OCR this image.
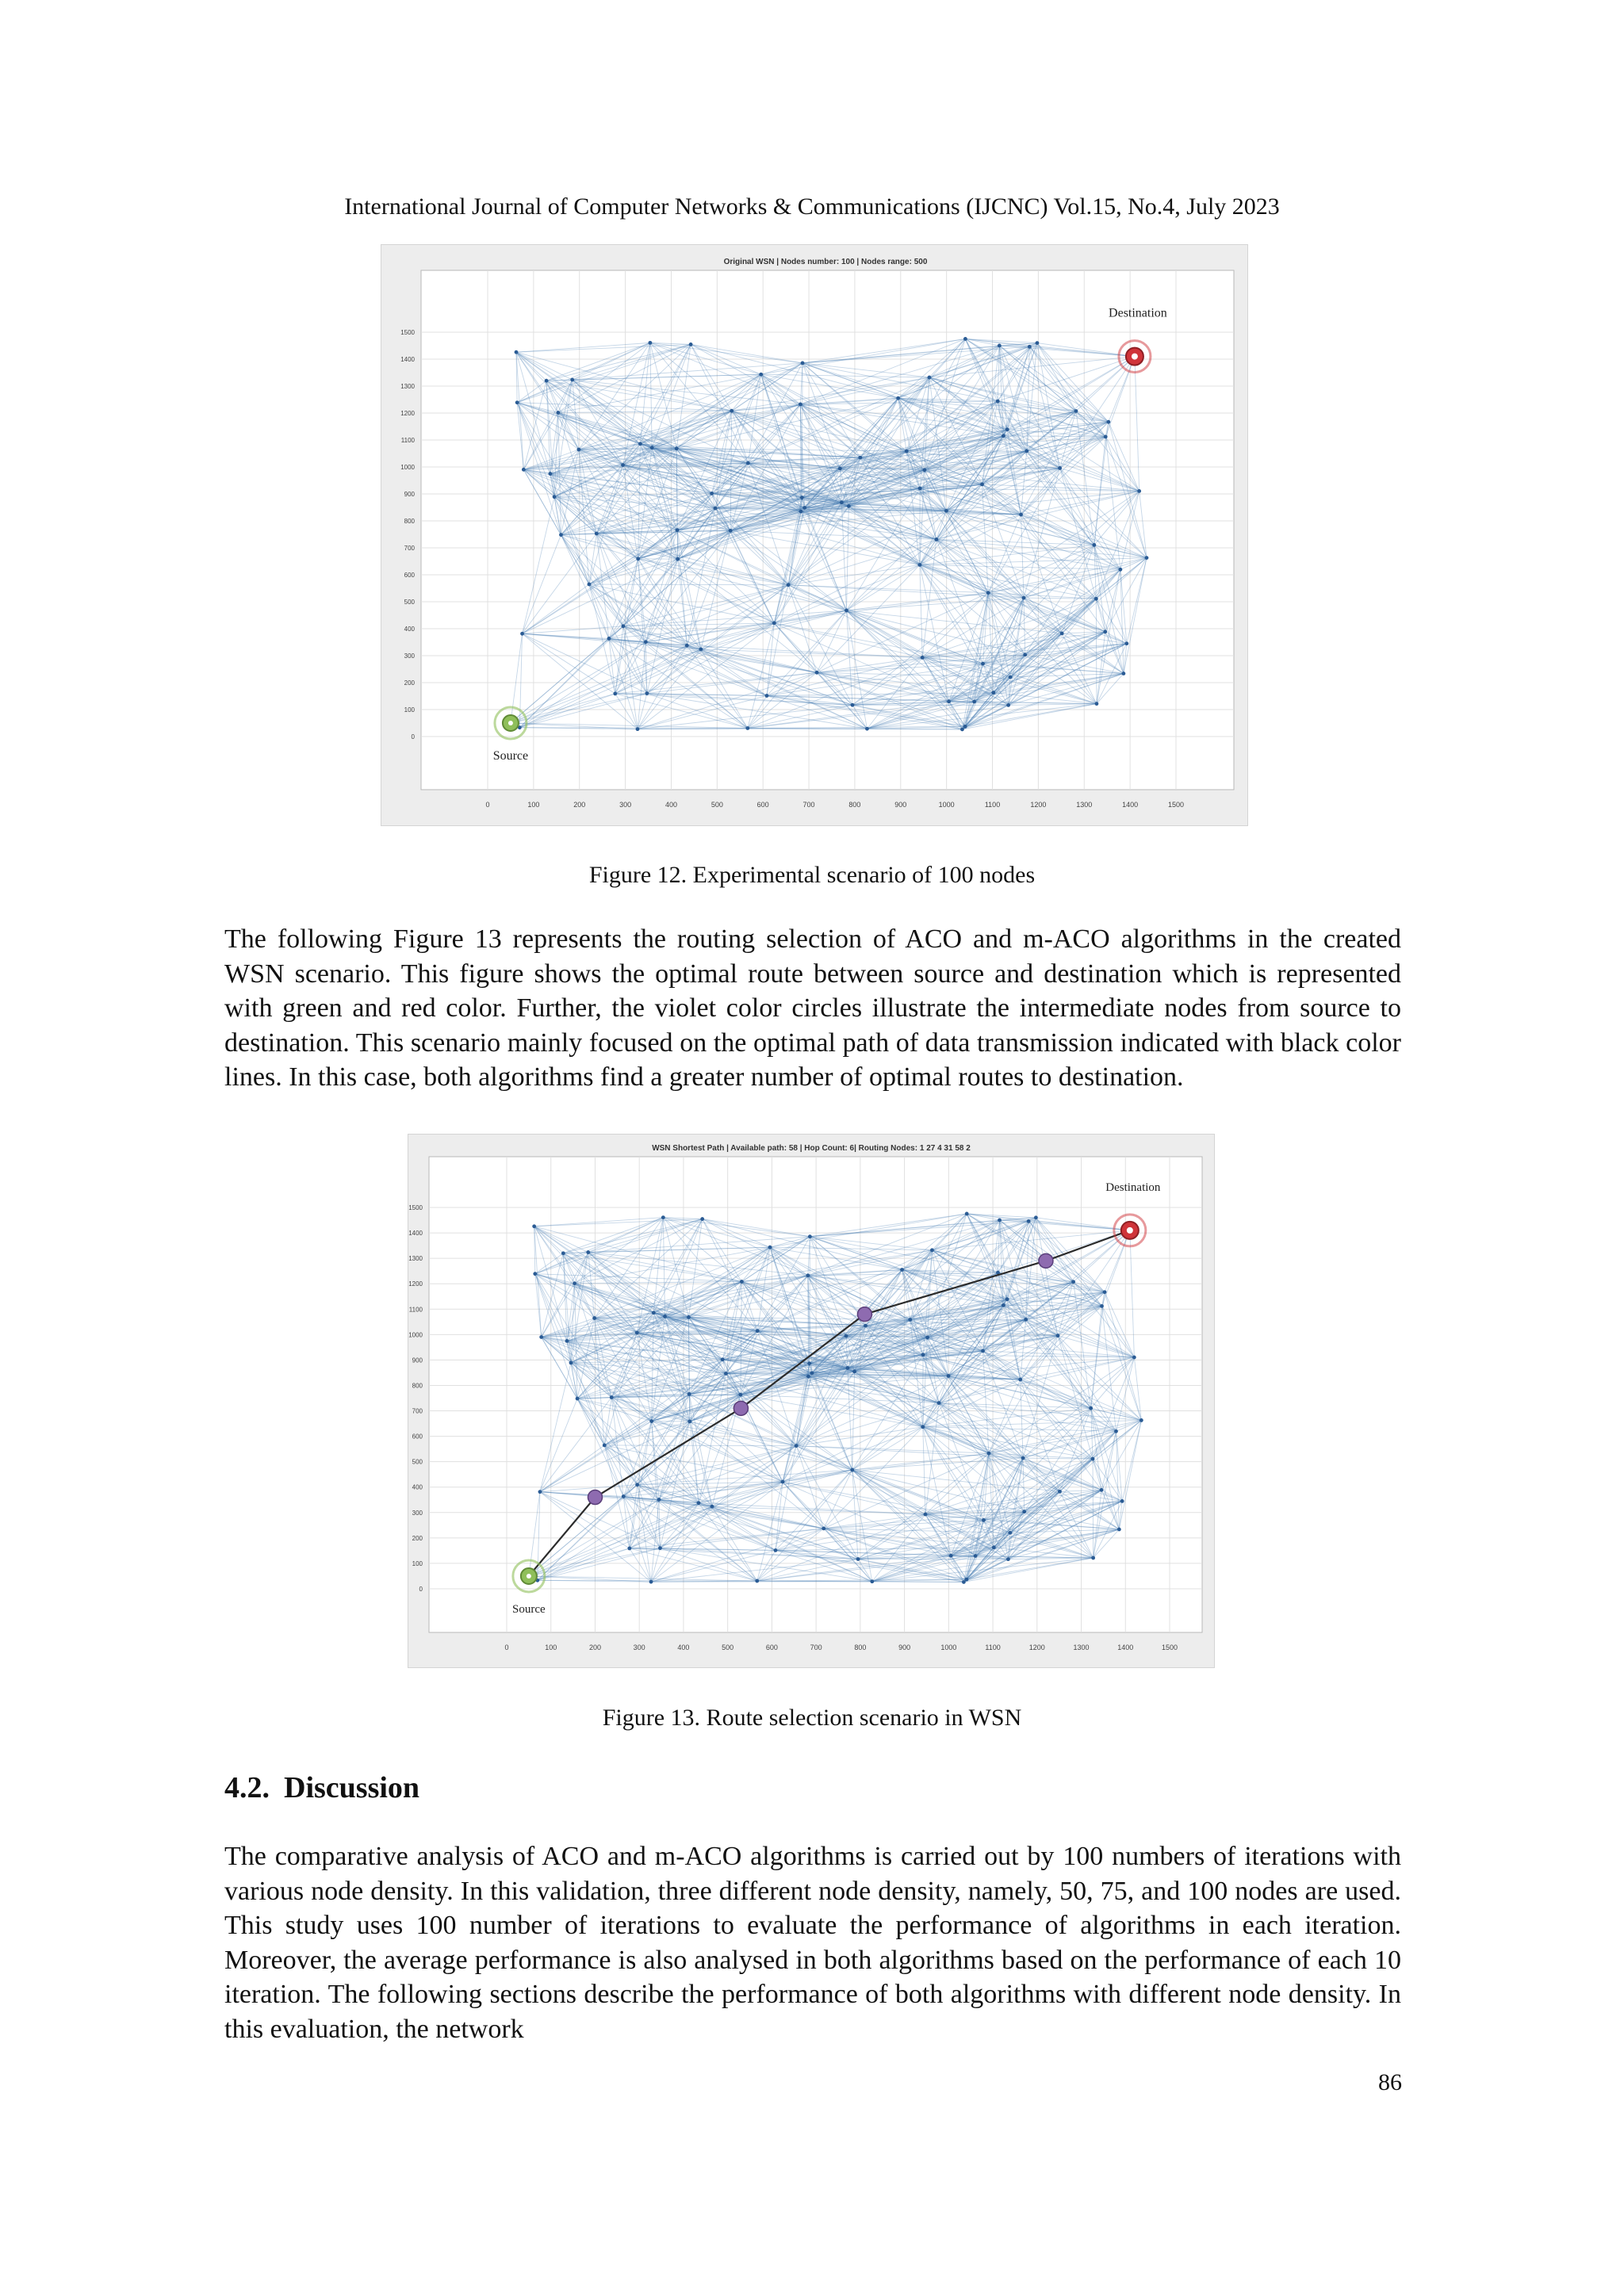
International Journal of Computer Networks & Communications (IJCNC) Vol.15, No.4, July 2023
Original WSN | Nodes number: 100 | Nodes range: 500
0	100	200	300	400	500	600	700	800	900	1000	1100	1200	1300	1400	1500
0
100
200
300
400
500
600
700
800
900
1000
1100
1200
1300
1400
1500
Source
Destination
Figure 12. Experimental scenario of 100 nodes

The following Figure 13 represents the routing selection of ACO and m-ACO algorithms in the created WSN scenario. This figure shows the optimal route between source and destination which is represented with green and red color. Further, the violet color circles illustrate the intermediate nodes from source to destination. This scenario mainly focused on the optimal path of data transmission indicated with black color lines. In this case, both algorithms find a greater number of optimal routes to destination.

WSN Shortest Path | Available path: 58 | Hop Count: 6| Routing Nodes: 1 27 4 31 58 2
0	100	200	300	400	500	600	700	800	900	1000	1100	1200	1300	1400	1500
0
100
200
300
400
500
600
700
800
900
1000
1100
1200
1300
1400
1500
Source
Destination
Figure 13. Route selection scenario in WSN
4.2. Discussion

The comparative analysis of ACO and m-ACO algorithms is carried out by 100 numbers of iterations with various node density. In this validation, three different node density, namely, 50, 75, and 100 nodes are used. This study uses 100 number of iterations to evaluate the performance of algorithms in each iteration. Moreover, the average performance is also analysed in both algorithms based on the performance of each 10 iteration. The following sections describe the performance of both algorithms with different node density. In this evaluation, the network

86
